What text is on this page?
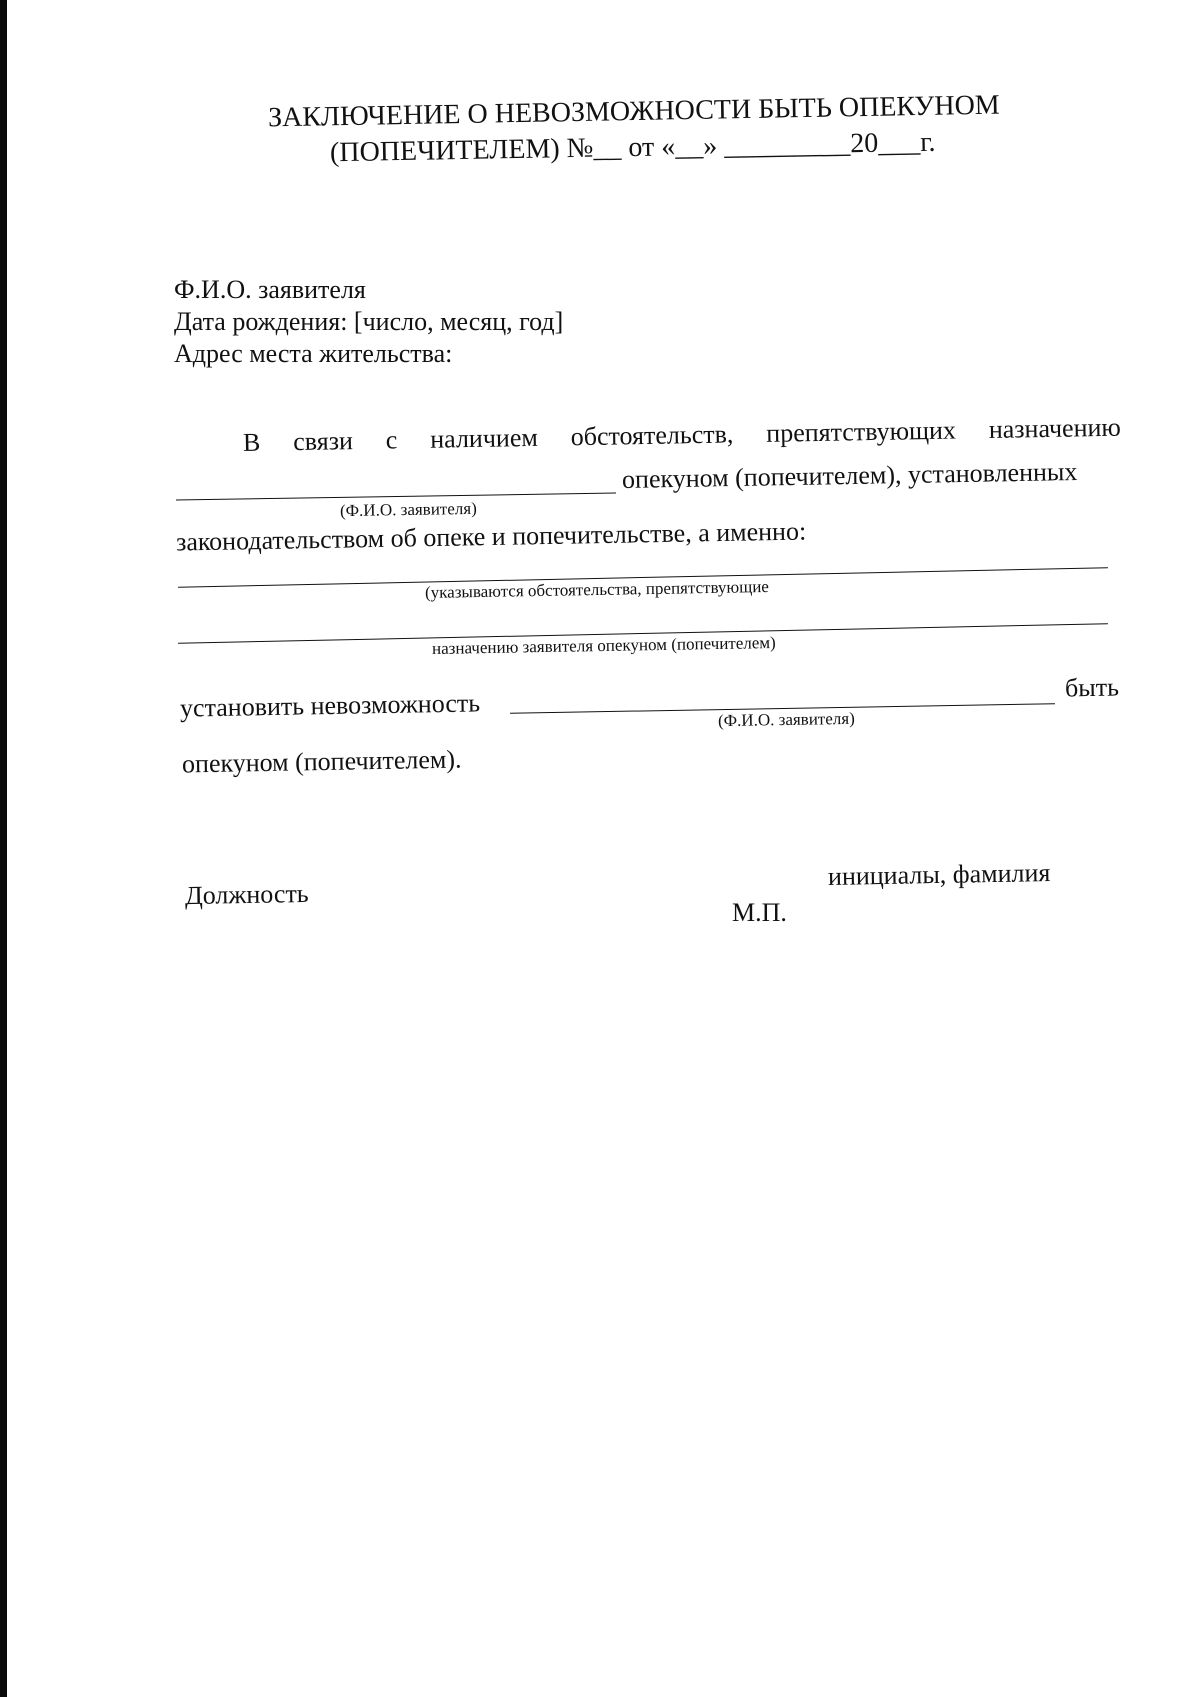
ЗАКЛЮЧЕНИЕ О НЕВОЗМОЖНОСТИ БЫТЬ ОПЕКУНОМ
(ПОПЕЧИТЕЛЕМ) №__ от «__» _________20___г.
Ф.И.О. заявителя
Дата рождения: [число, месяц, год]
Адрес места жительства:
В связи с наличием обстоятельств, препятствующих назначению
опекуном (попечителем), установленных
(Ф.И.О. заявителя)
законодательством об опеке и попечительстве, а именно:
(указываются обстоятельства, препятствующие
назначению заявителя опекуном (попечителем)
установить невозможность
быть
(Ф.И.О. заявителя)
опекуном (попечителем).
Должность
М.П.
инициалы, фамилия
